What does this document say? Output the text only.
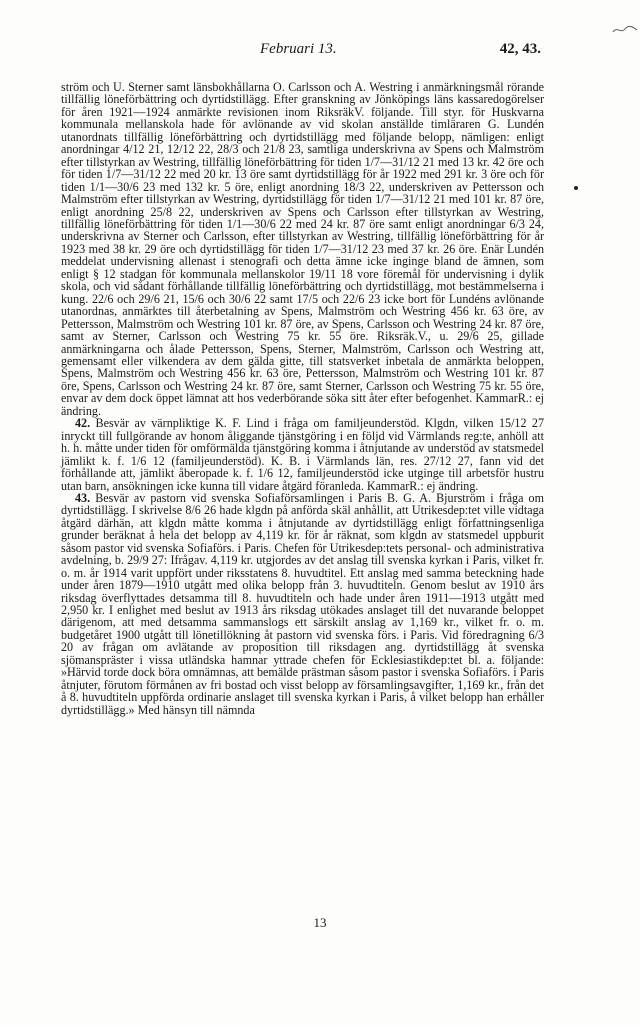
Februari 13.	42, 43.

ström och U. Sterner samt länsbokhållarna O. Carlsson och A. Westring i anmärkningsmål rörande tillfällig löneförbättring och dyrtidstillägg. Efter granskning av Jönköpings läns kassaredogörelser för åren 1921—1924 anmärkte revisionen inom RiksräkV. följande. Till styr. för Huskvarna kommunala mellanskola hade för avlönande av vid skolan anställde timläraren G. Lundén utanordnats tillfällig löneförbättring och dyrtidstillägg med följande belopp, nämligen: enligt anordningar 4/12 21, 12/12 22, 28/3 och 21/8 23, samtliga underskrivna av Spens och Malmström efter tillstyrkan av Westring, tillfällig löneförbättring för tiden 1/7—31/12 21 med 13 kr. 42 öre och för tiden 1/7—31/12 22 med 20 kr. 13 öre samt dyrtidstillägg för år 1922 med 291 kr. 3 öre och för tiden 1/1—30/6 23 med 132 kr. 5 öre, enligt anordning 18/3 22, underskriven av Pettersson och Malmström efter tillstyrkan av Westring, dyrtidstillägg för tiden 1/7—31/12 21 med 101 kr. 87 öre, enligt anordning 25/8 22, underskriven av Spens och Carlsson efter tillstyrkan av Westring, tillfällig löneförbättring för tiden 1/1—30/6 22 med 24 kr. 87 öre samt enligt anordningar 6/3 24, underskrivna av Sterner och Carlsson, efter tillstyrkan av Westring, tillfällig löneförbättring för år 1923 med 38 kr. 29 öre och dyrtidstillägg för tiden 1/7—31/12 23 med 37 kr. 26 öre. Enär Lundén meddelat undervisning allenast i stenografi och detta ämne icke inginge bland de ämnen, som enligt § 12 stadgan för kommunala mellanskolor 19/11 18 vore föremål för undervisning i dylik skola, och vid sådant förhållande tillfällig löneförbättring och dyrtidstillägg, mot bestämmelserna i kung. 22/6 och 29/6 21, 15/6 och 30/6 22 samt 17/5 och 22/6 23 icke bort för Lundéns avlönande utanordnas, anmärktes till återbetalning av Spens, Malmström och Westring 456 kr. 63 öre, av Pettersson, Malmström och Westring 101 kr. 87 öre, av Spens, Carlsson och Westring 24 kr. 87 öre, samt av Sterner, Carlsson och Westring 75 kr. 55 öre. Riksräk.V., u. 29/6 25, gillade anmärkningarna och ålade Pettersson, Spens, Sterner, Malmström, Carlsson och Westring att, gemensamt eller vilkendera av dem gälda gitte, till statsverket inbetala de anmärkta beloppen, Spens, Malmström och Westring 456 kr. 63 öre, Pettersson, Malmström och Westring 101 kr. 87 öre, Spens, Carlsson och Westring 24 kr. 87 öre, samt Sterner, Carlsson och Westring 75 kr. 55 öre, envar av dem dock öppet lämnat att hos vederbörande söka sitt åter efter befogenhet. KammarR.: ej ändring.

42. Besvär av värnpliktige K. F. Lind i fråga om familjeunderstöd. Klgdn, vilken 15/12 27 inryckt till fullgörande av honom åliggande tjänstgöring i en följd vid Värmlands reg:te, anhöll att h. h. måtte under tiden för omförmälda tjänstgöring komma i åtnjutande av understöd av statsmedel jämlikt k. f. 1/6 12 (familjeunderstöd). K. B. i Värmlands län, res. 27/12 27, fann vid det förhållande att, jämlikt åberopade k. f. 1/6 12, familjeunderstöd icke utginge till arbetsför hustru utan barn, ansökningen icke kunna till vidare åtgärd föranleda. KammarR.: ej ändring.

43. Besvär av pastorn vid svenska Sofiaförsamlingen i Paris B. G. A. Bjurström i fråga om dyrtidstillägg. I skrivelse 8/6 26 hade klgdn på anförda skäl anhållit, att Utrikesdep:tet ville vidtaga åtgärd därhän, att klgdn måtte komma i åtnjutande av dyrtidstillägg enligt författningsenliga grunder beräknat å hela det belopp av 4,119 kr. för år räknat, som klgdn av statsmedel uppburit såsom pastor vid svenska Sofiaförs. i Paris. Chefen för Utrikesdep:tets personal- och administrativa avdelning, b. 29/9 27: Ifrågav. 4,119 kr. utgjordes av det anslag till svenska kyrkan i Paris, vilket fr. o. m. år 1914 varit uppfört under riksstatens 8. huvudtitel. Ett anslag med samma beteckning hade under åren 1879—1910 utgått med olika belopp från 3. huvudtiteln. Genom beslut av 1910 års riksdag överflyttades detsamma till 8. huvudtiteln och hade under åren 1911—1913 utgått med 2,950 kr. I enlighet med beslut av 1913 års riksdag utökades anslaget till det nuvarande beloppet därigenom, att med detsamma sammanslogs ett särskilt anslag av 1,169 kr., vilket fr. o. m. budgetåret 1900 utgått till lönetillökning åt pastorn vid svenska förs. i Paris. Vid föredragning 6/3 20 av frågan om avlätande av proposition till riksdagen ang. dyrtidstillägg åt svenska sjömanspräster i vissa utländska hamnar yttrade chefen för Ecklesiastikdep:tet bl. a. följande: »Härvid torde dock böra omnämnas, att bemälde prästman såsom pastor i svenska Sofiaförs. i Paris åtnjuter, förutom förmånen av fri bostad och visst belopp av församlingsavgifter, 1,169 kr., från det å 8. huvudtiteln uppförda ordinarie anslaget till svenska kyrkan i Paris, å vilket belopp han erhåller dyrtidstillägg.» Med hänsyn till nämnda

13
